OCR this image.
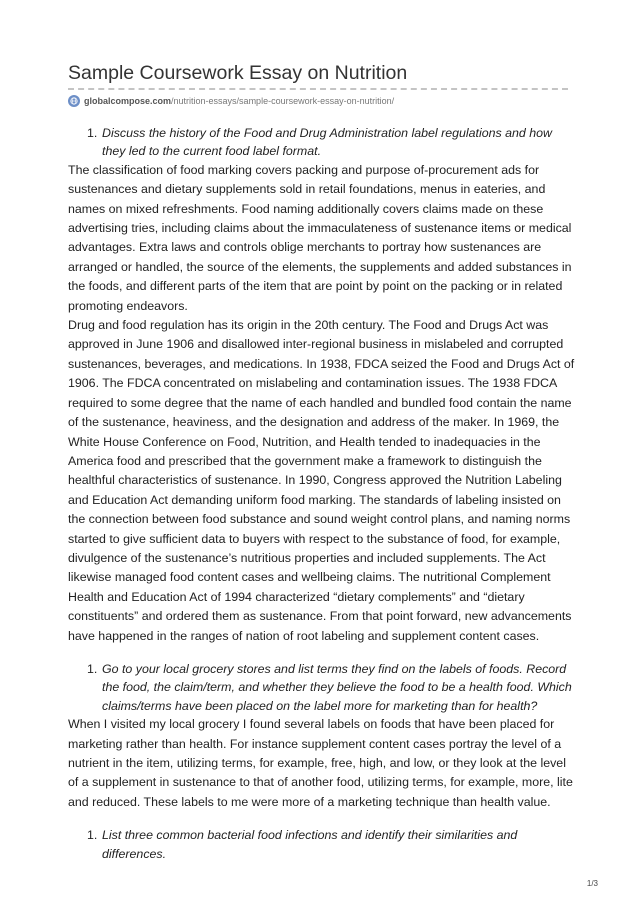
Sample Coursework Essay on Nutrition
globalcompose.com/nutrition-essays/sample-coursework-essay-on-nutrition/
1. Discuss the history of the Food and Drug Administration label regulations and how they led to the current food label format.

The classification of food marking covers packing and purpose of-procurement ads for sustenances and dietary supplements sold in retail foundations, menus in eateries, and names on mixed refreshments. Food naming additionally covers claims made on these advertising tries, including claims about the immaculateness of sustenance items or medical advantages. Extra laws and controls oblige merchants to portray how sustenances are arranged or handled, the source of the elements, the supplements and added substances in the foods, and different parts of the item that are point by point on the packing or in related promoting endeavors.

Drug and food regulation has its origin in the 20th century. The Food and Drugs Act was approved in June 1906 and disallowed inter-regional business in mislabeled and corrupted sustenances, beverages, and medications. In 1938, FDCA seized the Food and Drugs Act of 1906. The FDCA concentrated on mislabeling and contamination issues. The 1938 FDCA required to some degree that the name of each handled and bundled food contain the name of the sustenance, heaviness, and the designation and address of the maker. In 1969, the White House Conference on Food, Nutrition, and Health tended to inadequacies in the America food and prescribed that the government make a framework to distinguish the healthful characteristics of sustenance. In 1990, Congress approved the Nutrition Labeling and Education Act demanding uniform food marking. The standards of labeling insisted on the connection between food substance and sound weight control plans, and naming norms started to give sufficient data to buyers with respect to the substance of food, for example, divulgence of the sustenance’s nutritious properties and included supplements. The Act likewise managed food content cases and wellbeing claims. The nutritional Complement Health and Education Act of 1994 characterized “dietary complements” and “dietary constituents” and ordered them as sustenance. From that point forward, new advancements have happened in the ranges of nation of root labeling and supplement content cases.

1. Go to your local grocery stores and list terms they find on the labels of foods. Record the food, the claim/term, and whether they believe the food to be a health food. Which claims/terms have been placed on the label more for marketing than for health?

When I visited my local grocery I found several labels on foods that have been placed for marketing rather than health. For instance supplement content cases portray the level of a nutrient in the item, utilizing terms, for example, free, high, and low, or they look at the level of a supplement in sustenance to that of another food, utilizing terms, for example, more, lite and reduced. These labels to me were more of a marketing technique than health value.

1. List three common bacterial food infections and identify their similarities and differences.
1/3
